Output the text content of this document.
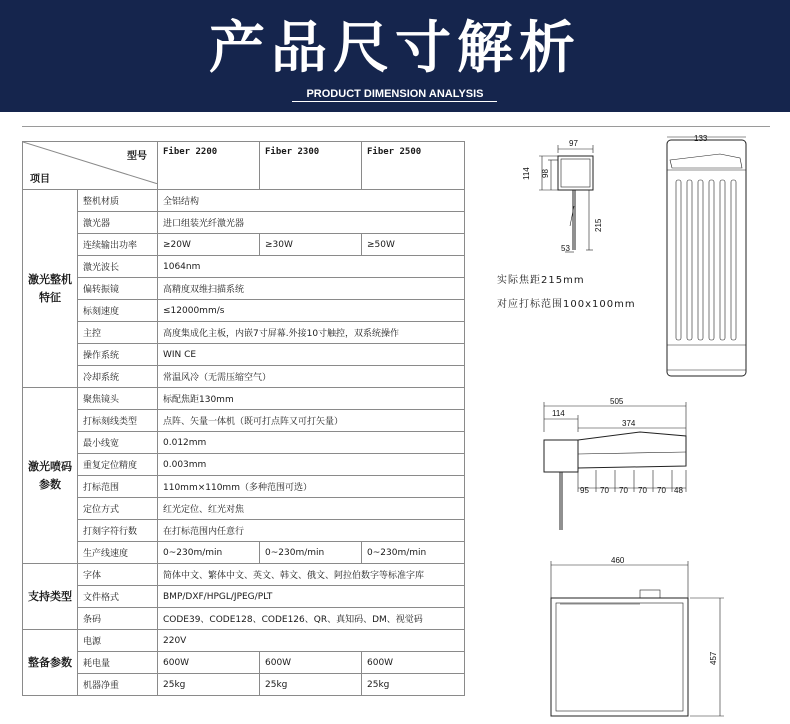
产品尺寸解析
PRODUCT DIMENSION ANALYSIS
型号
项目		Fiber 2200	Fiber 2300	Fiber 2500
激光整机特征	整机材质	全铝结构		
	激光器	进口组装光纤激光器		
	连续输出功率	≥20W	≥30W	≥50W
	激光波长	1064nm		
	偏转振镜	高精度双维扫描系统		
	标刻速度	≤12000mm/s		
	主控	高度集成化主板，内嵌7寸屏幕.外接10寸触控，双系统操作		
	操作系统	WIN CE		
	冷却系统	常温风冷（无需压缩空气）		
激光喷码参数	聚焦镜头	标配焦距130mm		
	打标刻线类型	点阵、矢量一体机（既可打点阵又可打矢量）		
	最小线宽	0.012mm		
	重复定位精度	0.003mm		
	打标范围	110mm×110mm（多种范围可选）		
	定位方式	红光定位、红光对焦		
	打刻字符行数	在打标范围内任意行		
	生产线速度	0~230m/min	0~230m/min	0~230m/min
支持类型	字体	简体中文、繁体中文、英文、韩文、俄文、阿拉伯数字等标准字库		
	文件格式	BMP/DXF/HPGL/JPEG/PLT		
	条码	CODE39、CODE128、CODE126、QR、真知码、DM、视觉码		
整备参数	电源	220V		
	耗电量	600W	600W	600W
	机器净重	25kg	25kg	25kg
97
114 98
215
53
133
505
114
374
95 70 70 70 70 48
460
457
实际焦距215mm
对应打标范围100x100mm
